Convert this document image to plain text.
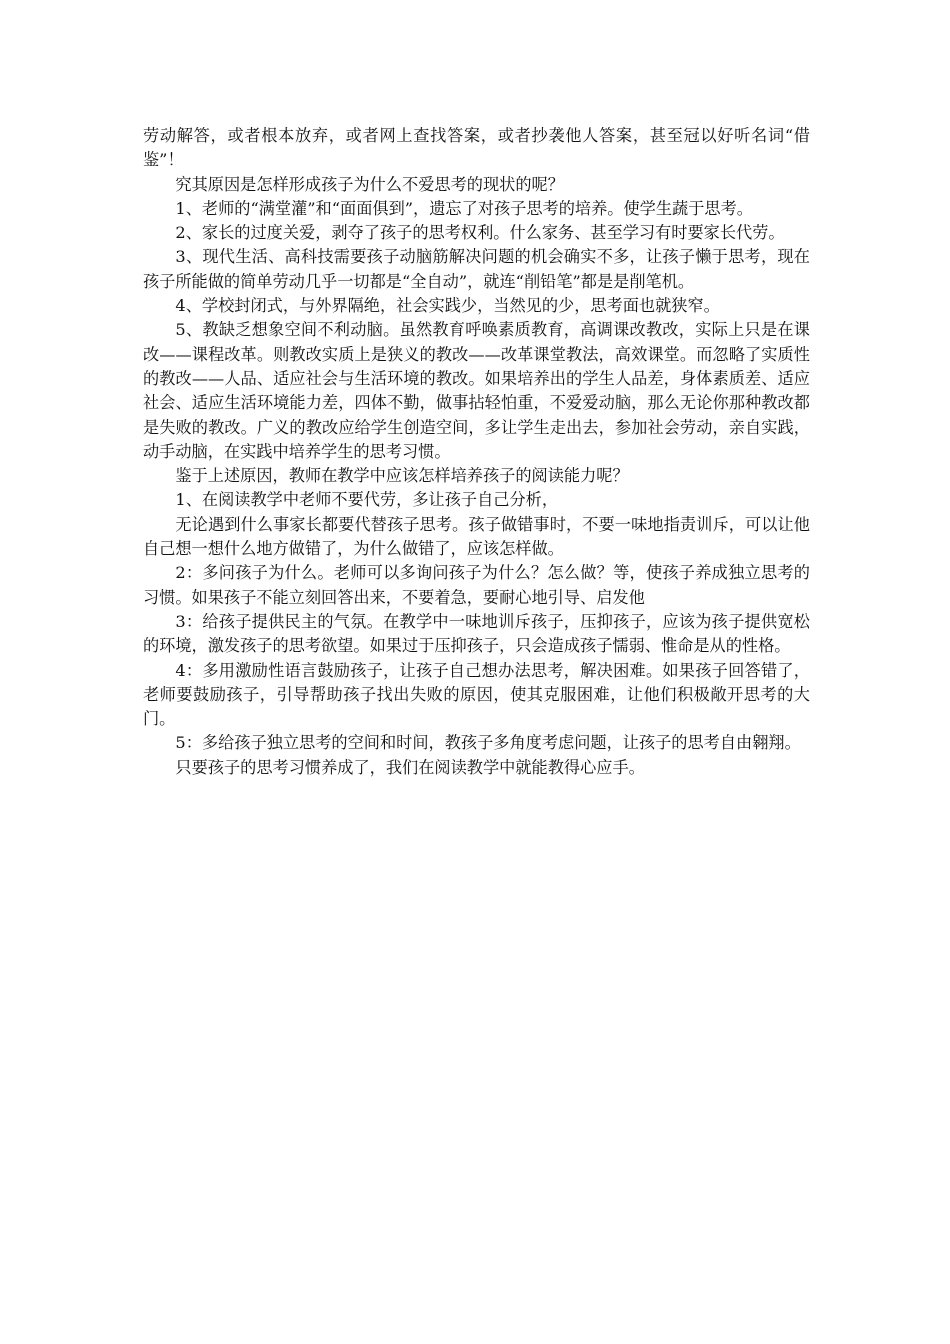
劳动解答，或者根本放弃，或者网上查找答案，或者抄袭他人答案，甚至冠以好听名词“借鉴”！

究其原因是怎样形成孩子为什么不爱思考的现状的呢？

1、老师的“满堂灌”和“面面俱到”，遗忘了对孩子思考的培养。使学生蔬于思考。

2、家长的过度关爱，剥夺了孩子的思考权利。什么家务、甚至学习有时要家长代劳。

3、现代生活、高科技需要孩子动脑筋解决问题的机会确实不多，让孩子懒于思考，现在孩子所能做的简单劳动几乎一切都是“全自动”，就连“削铅笔”都是是削笔机。

4、学校封闭式，与外界隔绝，社会实践少，当然见的少，思考面也就狭窄。

5、教缺乏想象空间不利动脑。虽然教育呼唤素质教育，高调课改教改，实际上只是在课改——课程改革。则教改实质上是狭义的教改——改革课堂教法，高效课堂。而忽略了实质性的教改——人品、适应社会与生活环境的教改。如果培养出的学生人品差，身体素质差、适应社会、适应生活环境能力差，四体不勤，做事拈轻怕重，不爱爱动脑，那么无论你那种教改都是失败的教改。广义的教改应给学生创造空间，多让学生走出去，参加社会劳动，亲自实践，动手动脑，在实践中培养学生的思考习惯。

鉴于上述原因，教师在教学中应该怎样培养孩子的阅读能力呢？

1、在阅读教学中老师不要代劳，多让孩子自己分析，

无论遇到什么事家长都要代替孩子思考。孩子做错事时，不要一味地指责训斥，可以让他自己想一想什么地方做错了，为什么做错了，应该怎样做。

2：多问孩子为什么。老师可以多询问孩子为什么？怎么做？等，使孩子养成独立思考的习惯。如果孩子不能立刻回答出来，不要着急，要耐心地引导、启发他

3：给孩子提供民主的气氛。在教学中一味地训斥孩子，压抑孩子，应该为孩子提供宽松的环境，激发孩子的思考欲望。如果过于压抑孩子，只会造成孩子懦弱、惟命是从的性格。

4：多用激励性语言鼓励孩子，让孩子自己想办法思考，解决困难。如果孩子回答错了，老师要鼓励孩子，引导帮助孩子找出失败的原因，使其克服困难，让他们积极敞开思考的大门。

5：多给孩子独立思考的空间和时间，教孩子多角度考虑问题，让孩子的思考自由翱翔。

只要孩子的思考习惯养成了，我们在阅读教学中就能教得心应手。
